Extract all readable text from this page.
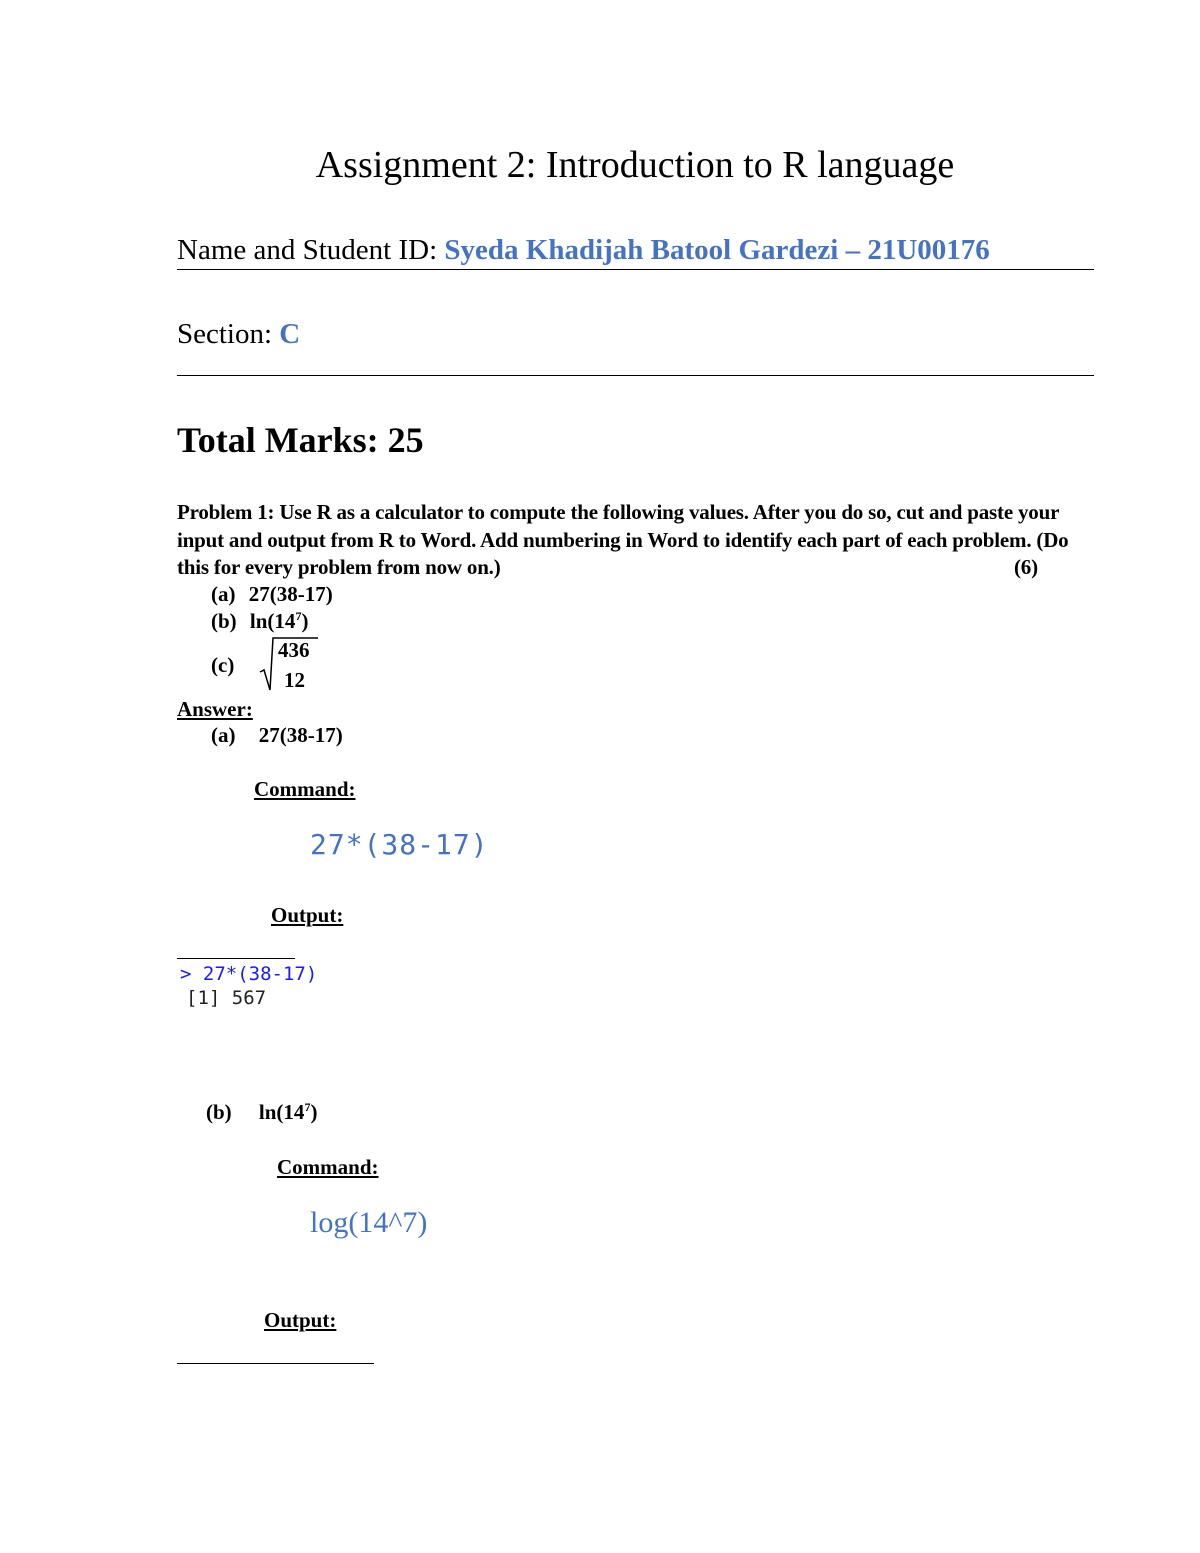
Assignment 2: Introduction to R language
Name and Student ID: Syeda Khadijah Batool Gardezi – 21U00176
Section: C
Total Marks: 25
Problem 1: Use R as a calculator to compute the following values. After you do so, cut and paste your input and output from R to Word. Add numbering in Word to identify each part of each problem. (Do this for every problem from now on.)	(6)
(a) 27(38-17)
(b) $\ln(14^7)$
(c)
436
12
Answer:
(a) 27(38-17)
Command:
27*(38-17)
Output:
> 27*(38-17)
[1] 567
(b) $\ln(14^7)$
Command:
log(14^7)
Output:
